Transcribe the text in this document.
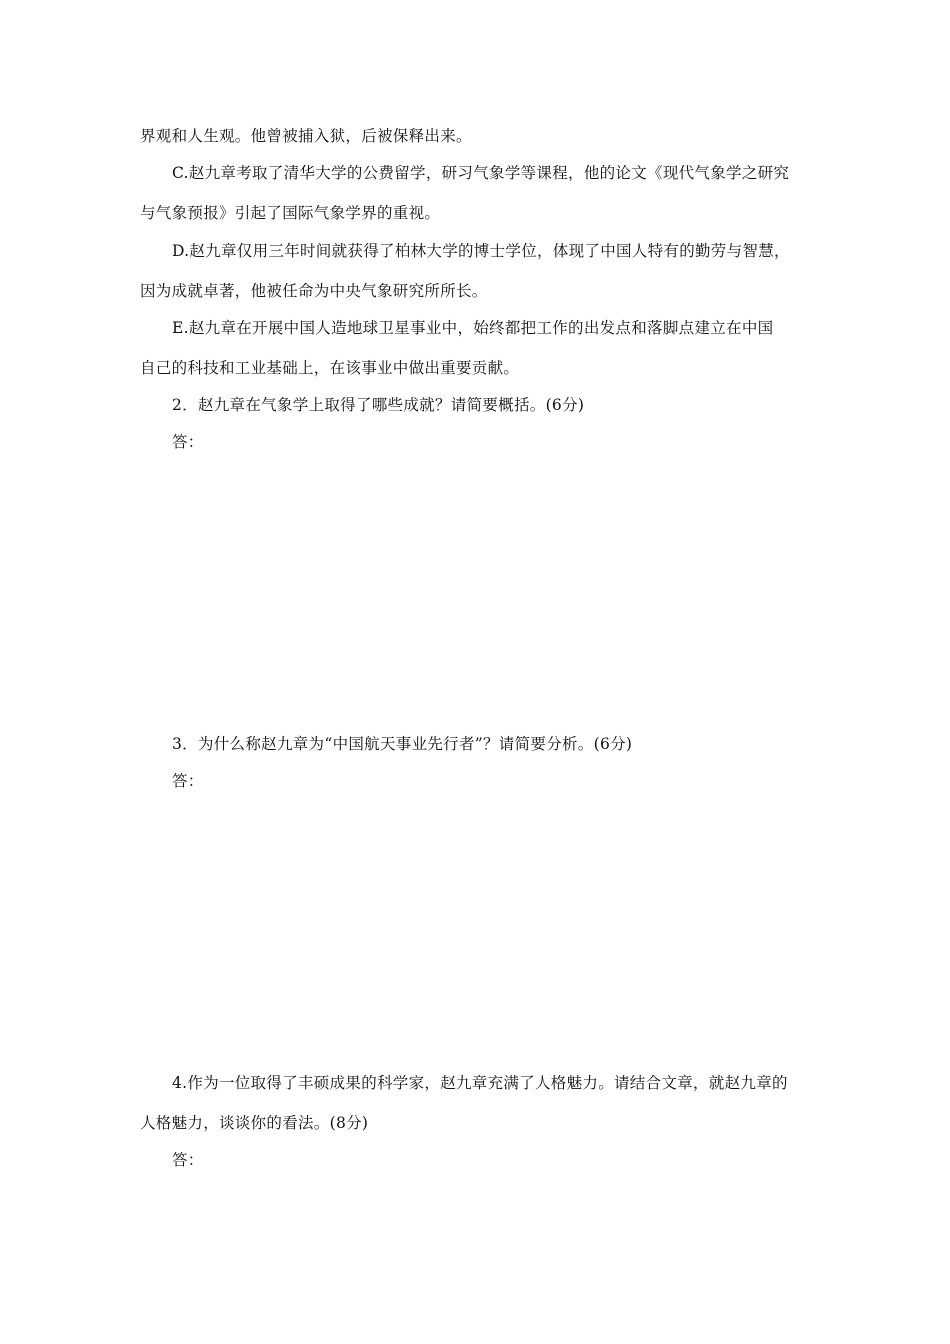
界观和人生观。他曾被捕入狱，后被保释出来。
C.赵九章考取了清华大学的公费留学，研习气象学等课程，他的论文《现代气象学之研究
与气象预报》引起了国际气象学界的重视。
D.赵九章仅用三年时间就获得了柏林大学的博士学位，体现了中国人特有的勤劳与智慧，
因为成就卓著，他被任命为中央气象研究所所长。
E.赵九章在开展中国人造地球卫星事业中，始终都把工作的出发点和落脚点建立在中国
自己的科技和工业基础上，在该事业中做出重要贡献。
2．赵九章在气象学上取得了哪些成就？请简要概括。(6分)
答：
3．为什么称赵九章为“中国航天事业先行者”？请简要分析。(6分)
答：
4.作为一位取得了丰硕成果的科学家，赵九章充满了人格魅力。请结合文章，就赵九章的
人格魅力，谈谈你的看法。(8分)
答：
